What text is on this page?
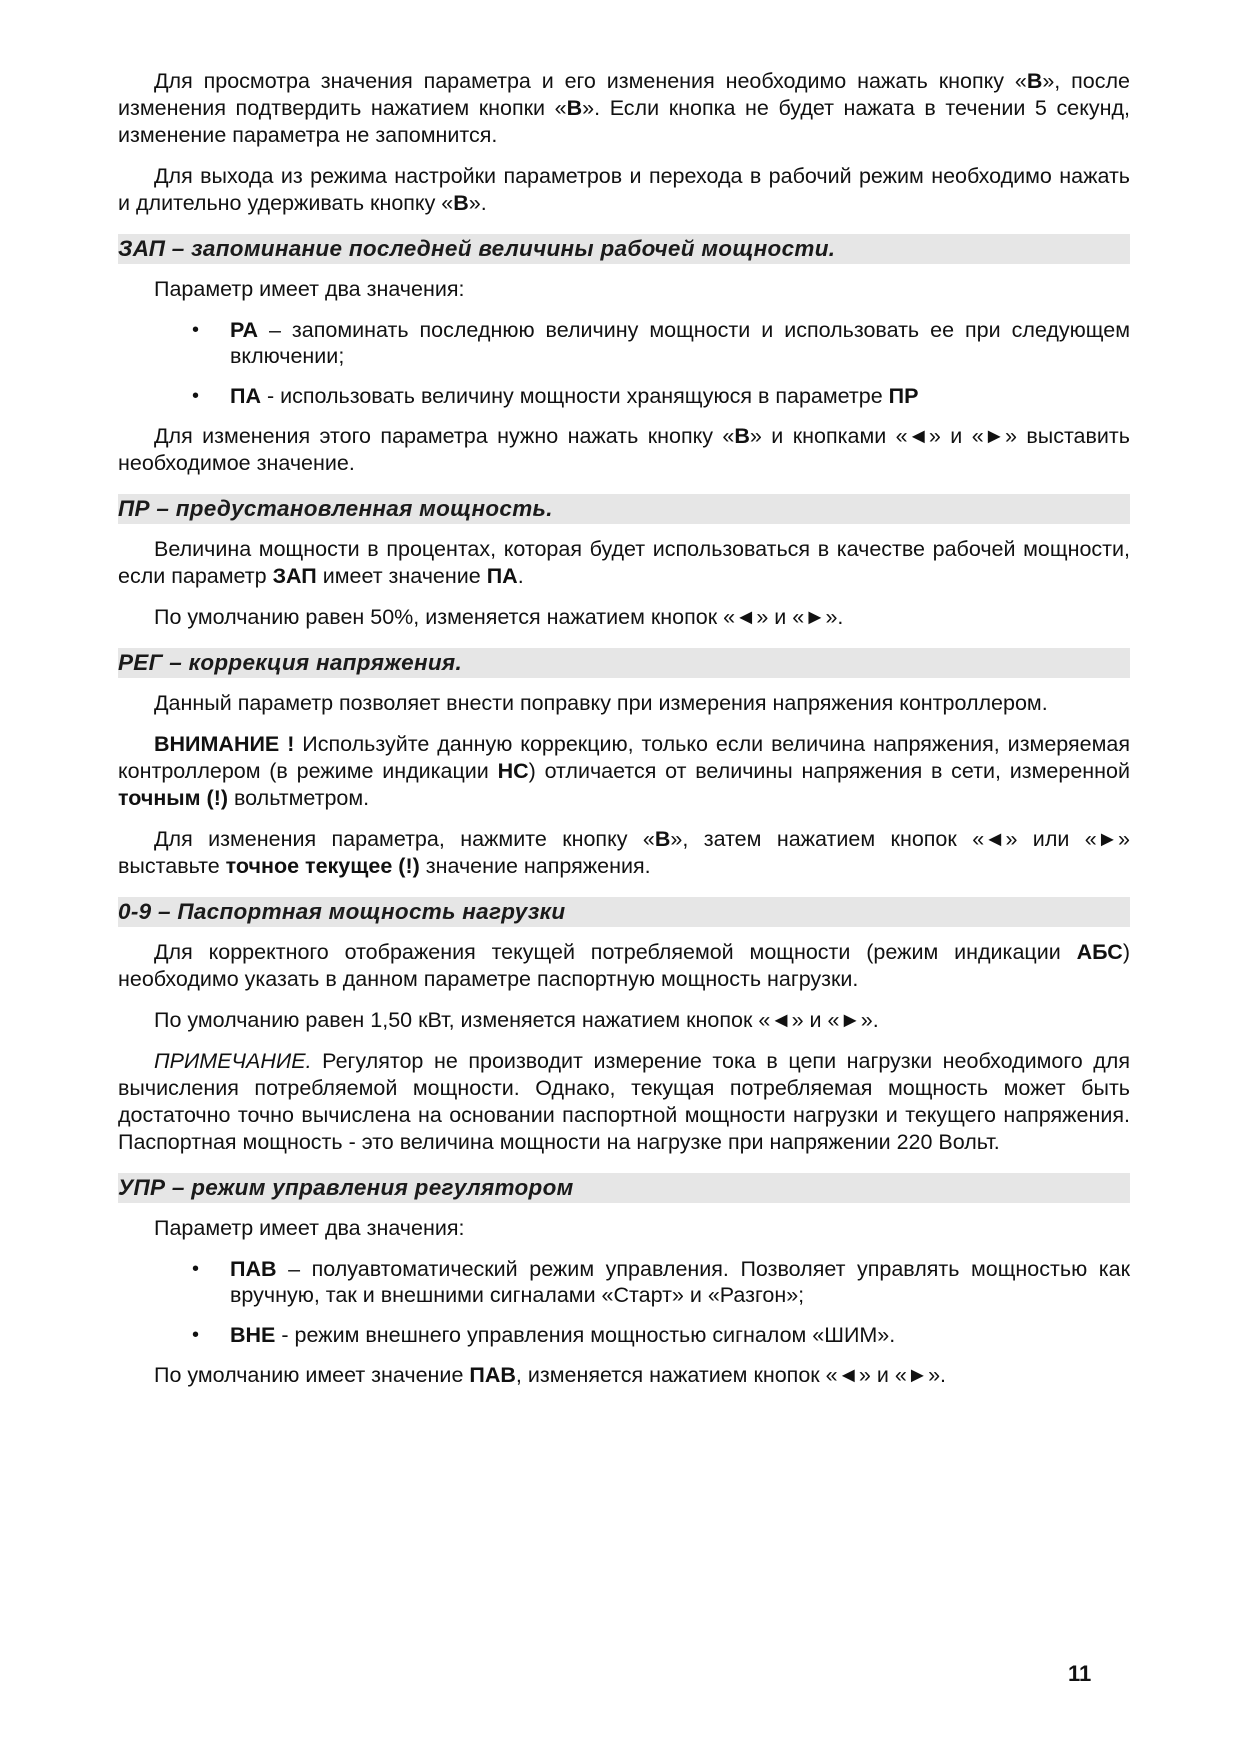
Для просмотра значения параметра и его изменения необходимо нажать кнопку «В», после изменения подтвердить нажатием кнопки «В». Если кнопка не будет нажата в течении 5 секунд, изменение параметра не запомнится.

Для выхода из режима настройки параметров и перехода в рабочий режим необходимо нажать и длительно удерживать кнопку «В».

ЗАП – запоминание последней величины рабочей мощности.

Параметр имеет два значения:

• РА – запоминать последнюю величину мощности и использовать ее при следующем включении;
• ПА - использовать величину мощности хранящуюся в параметре ПР

Для изменения этого параметра нужно нажать кнопку «В» и кнопками «◄» и «►» выставить необходимое значение.

ПР – предустановленная мощность.

Величина мощности в процентах, которая будет использоваться в качестве рабочей мощности, если параметр ЗАП имеет значение ПА.

По умолчанию равен 50%, изменяется нажатием кнопок «◄» и «►».

РЕГ – коррекция напряжения.

Данный параметр позволяет внести поправку при измерения напряжения контроллером.

ВНИМАНИЕ ! Используйте данную коррекцию, только если величина напряжения, измеряемая контроллером (в режиме индикации НС) отличается от величины напряжения в сети, измеренной точным (!) вольтметром.

Для изменения параметра, нажмите кнопку «В», затем нажатием кнопок «◄» или «►» выставьте точное текущее (!) значение напряжения.

0-9 – Паспортная мощность нагрузки

Для корректного отображения текущей потребляемой мощности (режим индикации АБС) необходимо указать в данном параметре паспортную мощность нагрузки.

По умолчанию равен 1,50 кВт, изменяется нажатием кнопок «◄» и «►».

ПРИМЕЧАНИЕ. Регулятор не производит измерение тока в цепи нагрузки необходимого для вычисления потребляемой мощности. Однако, текущая потребляемая мощность может быть достаточно точно вычислена на основании паспортной мощности нагрузки и текущего напряжения. Паспортная мощность - это величина мощности на нагрузке при напряжении 220 Вольт.

УПР – режим управления регулятором

Параметр имеет два значения:

• ПАВ – полуавтоматический режим управления. Позволяет управлять мощностью как вручную, так и внешними сигналами «Старт» и «Разгон»;
• ВНЕ - режим внешнего управления мощностью сигналом «ШИМ».

По умолчанию имеет значение ПАВ, изменяется нажатием кнопок «◄» и «►».

11
